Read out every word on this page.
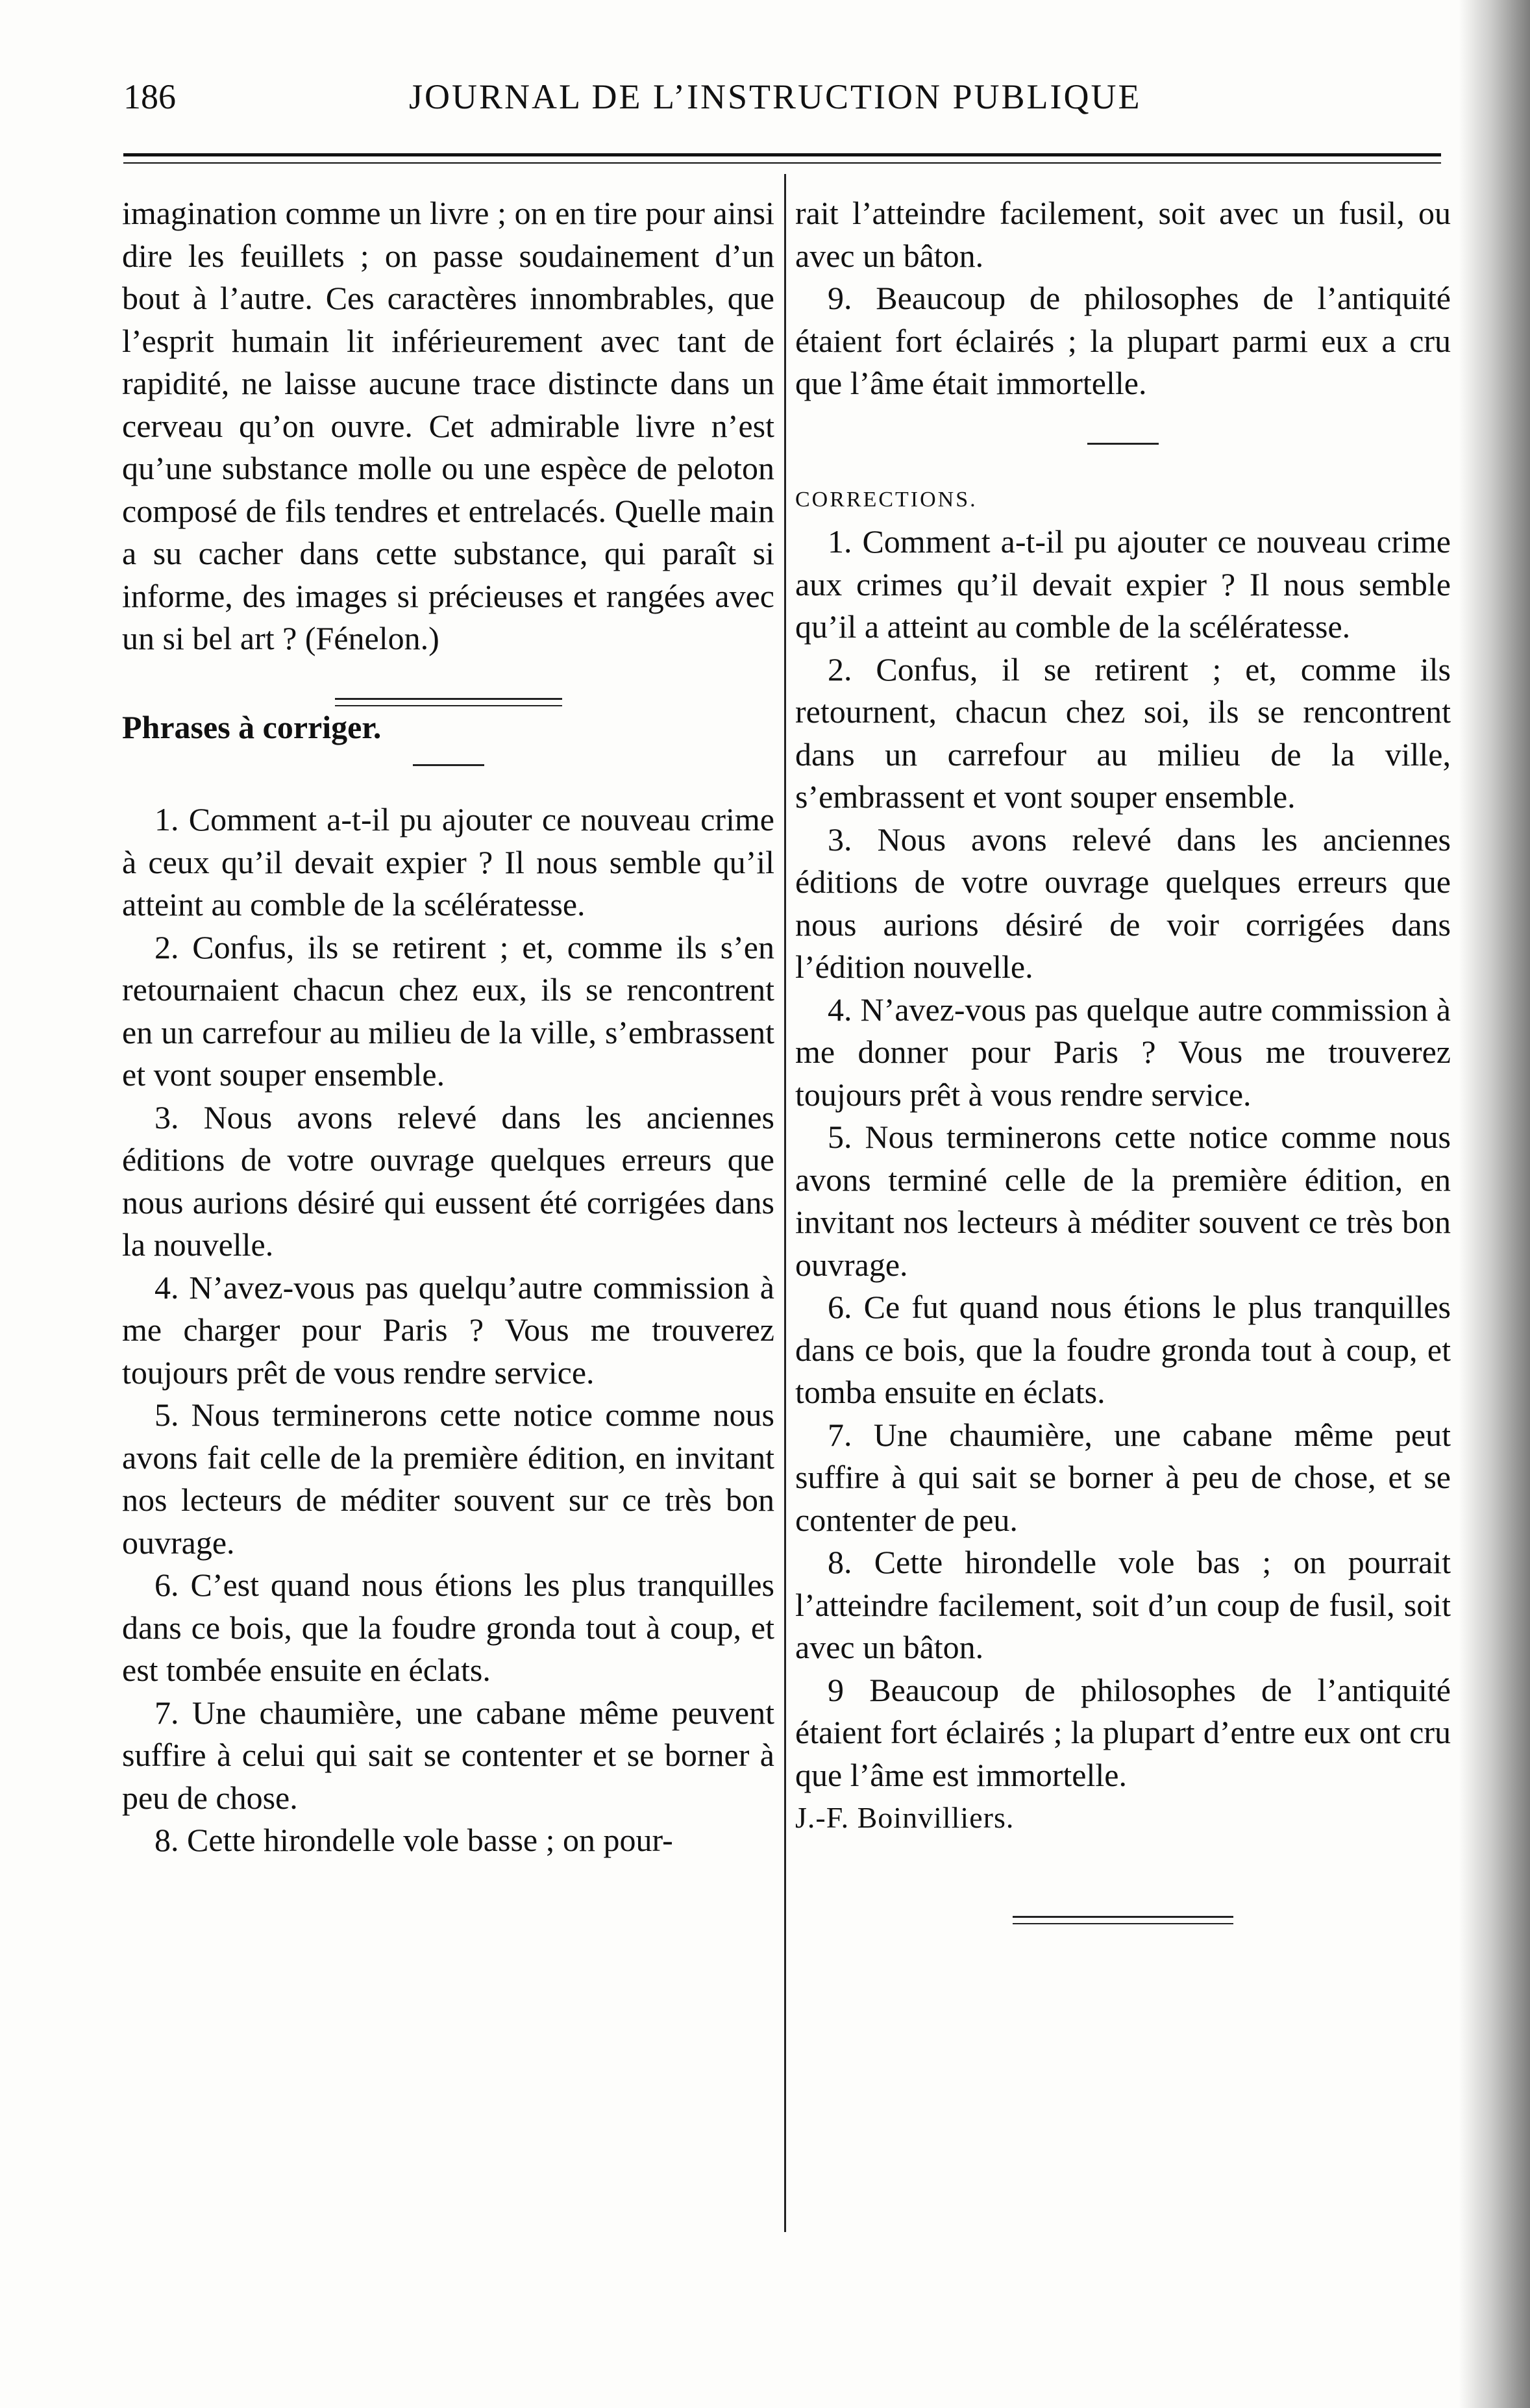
186	JOURNAL DE L’INSTRUCTION PUBLIQUE

imagination comme un livre ; on en tire pour ainsi dire les feuillets ; on passe soudainement d’un bout à l’autre. Ces caractères innombrables, que l’esprit humain lit inférieurement avec tant de rapidité, ne laisse aucune trace distincte dans un cerveau qu’on ouvre. Cet admirable livre n’est qu’une substance molle ou une espèce de peloton composé de fils tendres et entrelacés. Quelle main a su cacher dans cette substance, qui paraît si informe, des images si précieuses et rangées avec un si bel art ? (Fénelon.)

Phrases à corriger.

1. Comment a-t-il pu ajouter ce nouveau crime à ceux qu’il devait expier ? Il nous semble qu’il atteint au comble de la scélératesse.

2. Confus, ils se retirent ; et, comme ils s’en retournaient chacun chez eux, ils se rencontrent en un carrefour au milieu de la ville, s’embrassent et vont souper ensemble.

3. Nous avons relevé dans les anciennes éditions de votre ouvrage quelques erreurs que nous aurions désiré qui eussent été corrigées dans la nouvelle.

4. N’avez-vous pas quelqu’autre commission à me charger pour Paris ? Vous me trouverez toujours prêt de vous rendre service.

5. Nous terminerons cette notice comme nous avons fait celle de la première édition, en invitant nos lecteurs de méditer souvent sur ce très bon ouvrage.

6. C’est quand nous étions les plus tranquilles dans ce bois, que la foudre gronda tout à coup, et est tombée ensuite en éclats.

7. Une chaumière, une cabane même peuvent suffire à celui qui sait se contenter et se borner à peu de chose.

8. Cette hirondelle vole basse ; on pour-

rait l’atteindre facilement, soit avec un fusil, ou avec un bâton.

9. Beaucoup de philosophes de l’antiquité étaient fort éclairés ; la plupart parmi eux a cru que l’âme était immortelle.

CORRECTIONS.

1. Comment a-t-il pu ajouter ce nouveau crime aux crimes qu’il devait expier ? Il nous semble qu’il a atteint au comble de la scélératesse.

2. Confus, il se retirent ; et, comme ils retournent, chacun chez soi, ils se rencontrent dans un carrefour au milieu de la ville, s’embrassent et vont souper ensemble.

3. Nous avons relevé dans les anciennes éditions de votre ouvrage quelques erreurs que nous aurions désiré de voir corrigées dans l’édition nouvelle.

4. N’avez-vous pas quelque autre commission à me donner pour Paris ? Vous me trouverez toujours prêt à vous rendre service.

5. Nous terminerons cette notice comme nous avons terminé celle de la première édition, en invitant nos lecteurs à méditer souvent ce très bon ouvrage.

6. Ce fut quand nous étions le plus tranquilles dans ce bois, que la foudre gronda tout à coup, et tomba ensuite en éclats.

7. Une chaumière, une cabane même peut suffire à qui sait se borner à peu de chose, et se contenter de peu.

8. Cette hirondelle vole bas ; on pourrait l’atteindre facilement, soit d’un coup de fusil, soit avec un bâton.

9 Beaucoup de philosophes de l’antiquité étaient fort éclairés ; la plupart d’entre eux ont cru que l’âme est immortelle.

J.-F. Boinvilliers.
